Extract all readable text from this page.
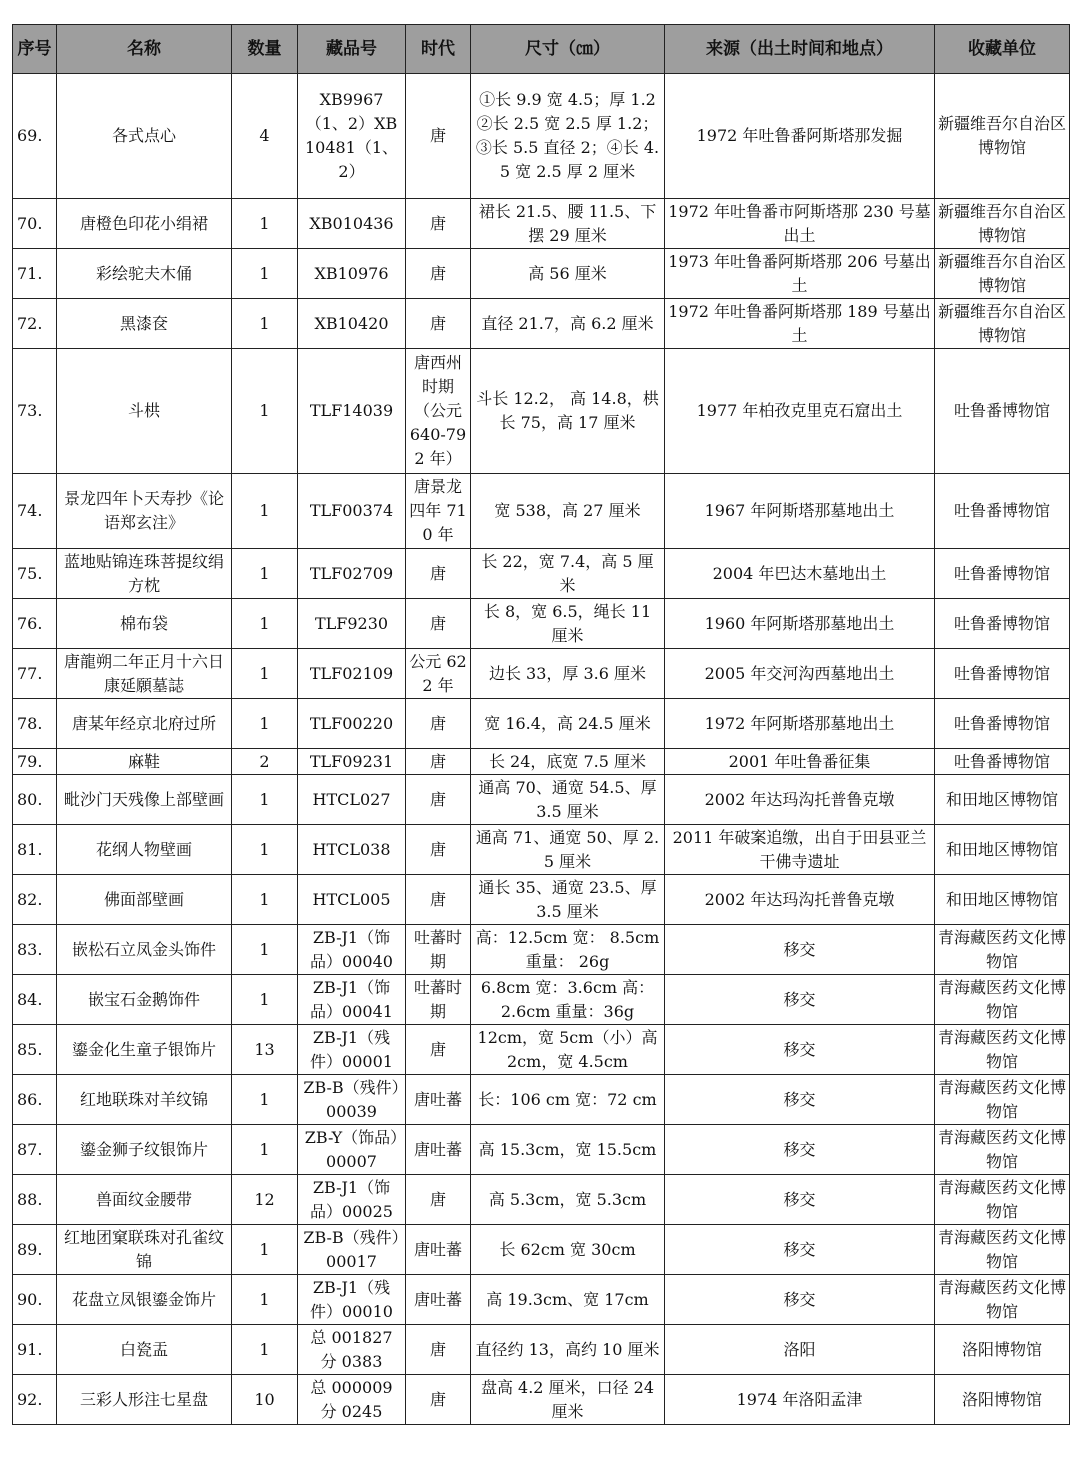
序号	名称	数量	藏品号	时代	尺寸（㎝）	来源（出土时间和地点）	收藏单位
69.	各式点心	4	XB9967（1、2）XB10481（1、2）	唐	①长 9.9 宽 4.5；厚 1.2 ②长 2.5 宽 2.5 厚 1.2；③长 5.5 直径 2；④长 4.5 宽 2.5 厚 2 厘米	1972 年吐鲁番阿斯塔那发掘	新疆维吾尔自治区博物馆
70.	唐橙色印花小绢裙	1	XB010436	唐	裙长 21.5、腰 11.5、下摆 29 厘米	1972 年吐鲁番市阿斯塔那 230 号墓出土	新疆维吾尔自治区博物馆
71.	彩绘驼夫木俑	1	XB10976	唐	高 56 厘米	1973 年吐鲁番阿斯塔那 206 号墓出土	新疆维吾尔自治区博物馆
72.	黑漆奁	1	XB10420	唐	直径 21.7，高 6.2 厘米	1972 年吐鲁番阿斯塔那 189 号墓出土	新疆维吾尔自治区博物馆
73.	斗栱	1	TLF14039	唐西州时期（公元 640-792 年）	斗长 12.2， 高 14.8，栱长 75，高 17 厘米	1977 年柏孜克里克石窟出土	吐鲁番博物馆
74.	景龙四年卜天寿抄《论语郑玄注》	1	TLF00374	唐景龙四年 710 年	宽 538，高 27 厘米	1967 年阿斯塔那墓地出土	吐鲁番博物馆
75.	蓝地贴锦连珠菩提纹绢方枕	1	TLF02709	唐	长 22，宽 7.4，高 5 厘米	2004 年巴达木墓地出土	吐鲁番博物馆
76.	棉布袋	1	TLF9230	唐	长 8，宽 6.5，绳长 11 厘米	1960 年阿斯塔那墓地出土	吐鲁番博物馆
77.	唐龍朔二年正月十六日康延願墓誌	1	TLF02109	公元 622 年	边长 33，厚 3.6 厘米	2005 年交河沟西墓地出土	吐鲁番博物馆
78.	唐某年经京北府过所	1	TLF00220	唐	宽 16.4，高 24.5 厘米	1972 年阿斯塔那墓地出土	吐鲁番博物馆
79.	麻鞋	2	TLF09231	唐	长 24，底宽 7.5 厘米	2001 年吐鲁番征集	吐鲁番博物馆
80.	毗沙门天残像上部壁画	1	HTCL027	唐	通高 70、通宽 54.5、厚 3.5 厘米	2002 年达玛沟托普鲁克墩	和田地区博物馆
81.	花纲人物壁画	1	HTCL038	唐	通高 71、通宽 50、厚 2.5 厘米	2011 年破案追缴，出自于田县亚兰干佛寺遗址	和田地区博物馆
82.	佛面部壁画	1	HTCL005	唐	通长 35、通宽 23.5、厚 3.5 厘米	2002 年达玛沟托普鲁克墩	和田地区博物馆
83.	嵌松石立凤金头饰件	1	ZB-J1（饰品）00040	吐蕃时期	高：12.5cm 宽： 8.5cm 重量： 26g	移交	青海藏医药文化博物馆
84.	嵌宝石金鹅饰件	1	ZB-J1（饰品）00041	吐蕃时期	6.8cm 宽：3.6cm 高：2.6cm 重量：36g	移交	青海藏医药文化博物馆
85.	鎏金化生童子银饰片	13	ZB-J1（残件）00001	唐	12cm，宽 5cm（小）高 2cm，宽 4.5cm	移交	青海藏医药文化博物馆
86.	红地联珠对羊纹锦	1	ZB-B（残件）00039	唐吐蕃	长：106 cm 宽：72 cm	移交	青海藏医药文化博物馆
87.	鎏金狮子纹银饰片	1	ZB-Y（饰品）00007	唐吐蕃	高 15.3cm，宽 15.5cm	移交	青海藏医药文化博物馆
88.	兽面纹金腰带	12	ZB-J1（饰品）00025	唐	高 5.3cm，宽 5.3cm	移交	青海藏医药文化博物馆
89.	红地团窠联珠对孔雀纹锦	1	ZB-B（残件）00017	唐吐蕃	长 62cm 宽 30cm	移交	青海藏医药文化博物馆
90.	花盘立凤银鎏金饰片	1	ZB-J1（残件）00010	唐吐蕃	高 19.3cm、宽 17cm	移交	青海藏医药文化博物馆
91.	白瓷盂	1	总 001827 分 0383	唐	直径约 13，高约 10 厘米	洛阳	洛阳博物馆
92.	三彩人形注七星盘	10	总 000009 分 0245	唐	盘高 4.2 厘米，口径 24 厘米	1974 年洛阳孟津	洛阳博物馆
